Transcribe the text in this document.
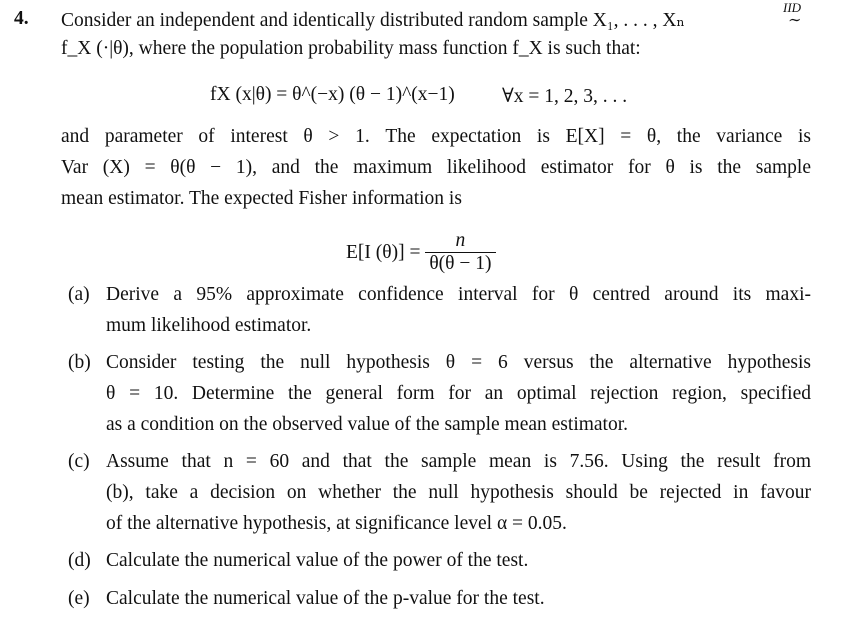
4. Consider an independent and identically distributed random sample X₁, . . . , Xₙ
IID
∼
f_X (·|θ), where the population probability mass function f_X is such that:
fX (x|θ) = θ^(−x) (θ − 1)^(x−1) ∀x = 1, 2, 3, . . .
and parameter of interest θ > 1. The expectation is E[X] = θ, the variance is
Var (X) = θ(θ − 1), and the maximum likelihood estimator for θ is the sample
mean estimator. The expected Fisher information is
E[I $(\theta)] = \frac{n}{\theta(\theta - 1)}$
(a) Derive a 95% approximate confidence interval for θ centred around its maxi-
mum likelihood estimator.
(b) Consider testing the null hypothesis θ = 6 versus the alternative hypothesis
θ = 10. Determine the general form for an optimal rejection region, specified
as a condition on the observed value of the sample mean estimator.
(c) Assume that n = 60 and that the sample mean is 7.56. Using the result from
(b), take a decision on whether the null hypothesis should be rejected in favour
of the alternative hypothesis, at significance level α = 0.05.
(d) Calculate the numerical value of the power of the test.
(e) Calculate the numerical value of the p-value for the test.
